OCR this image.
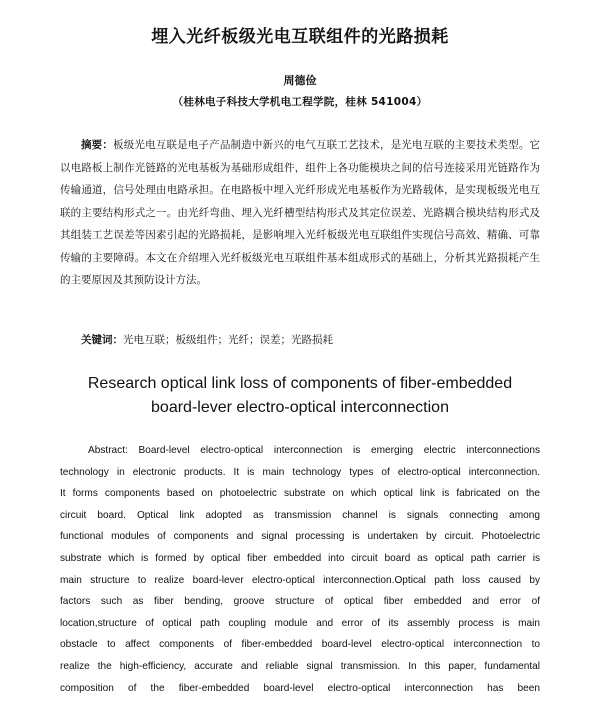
埋入光纤板级光电互联组件的光路损耗
周德俭
（桂林电子科技大学机电工程学院，桂林 541004）

摘要：板级光电互联是电子产品制造中新兴的电气互联工艺技术，是光电互联的主要技术类型。它以电路板上制作光链路的光电基板为基础形成组件，组件上各功能模块之间的信号连接采用光链路作为传输通道，信号处理由电路承担。在电路板中埋入光纤形成光电基板作为光路载体，是实现板级光电互联的主要结构形式之一。由光纤弯曲、埋入光纤槽型结构形式及其定位误差、光路耦合模块结构形式及其组装工艺误差等因素引起的光路损耗，是影响埋入光纤板级光电互联组件实现信号高效、精确、可靠传输的主要障碍。本文在介绍埋入光纤板级光电互联组件基本组成形式的基础上，分析其光路损耗产生的主要原因及其预防设计方法。

关键词：光电互联；板级组件；光纤；误差；光路损耗
Research optical link loss of components of fiber-embedded
board-lever electro-optical interconnection
Abstract: Board-level electro-optical interconnection is emerging electric interconnections
technology in electronic products. It is main technology types of electro-optical interconnection.
It forms components based on photoelectric substrate on which optical link is fabricated on the
circuit board. Optical link adopted as transmission channel is signals connecting among
functional modules of components and signal processing is undertaken by circuit. Photoelectric
substrate which is formed by optical fiber embedded into circuit board as optical path carrier is
main structure to realize board-lever electro-optical interconnection.Optical path loss caused by
factors such as fiber bending, groove structure of optical fiber embedded and error of
location,structure of optical path coupling module and error of its assembly process is main
obstacle to affect components of fiber-embedded board-level electro-optical interconnection to
realize the high-efficiency, accurate and reliable signal transmission. In this paper, fundamental
composition of the fiber-embedded board-level electro-optical interconnection has been
